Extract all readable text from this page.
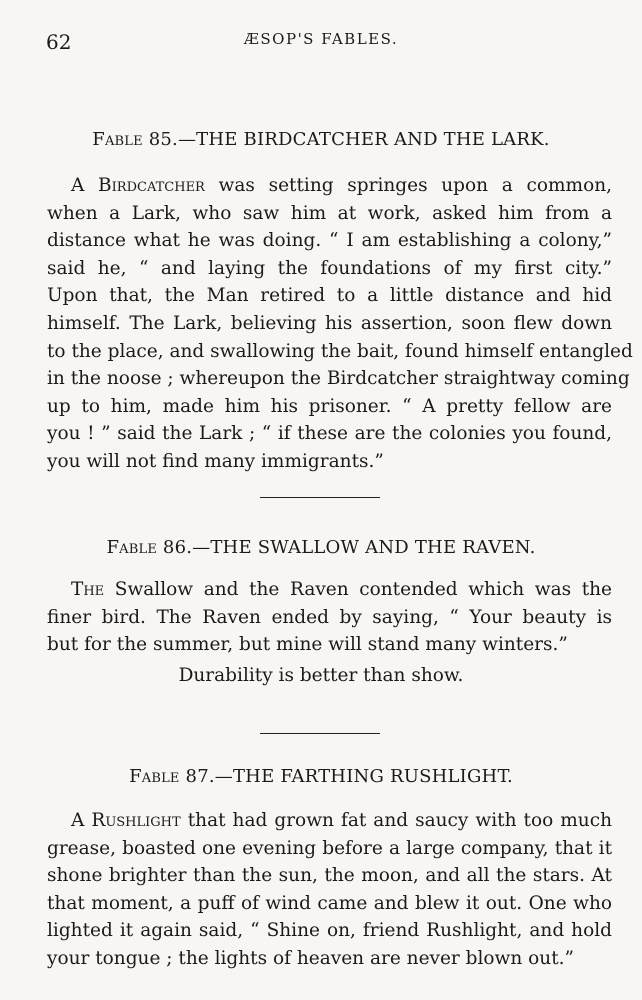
62	ÆSOP'S FABLES.
Fable 85.—THE BIRDCATCHER AND THE LARK.
A Birdcatcher was setting springes upon a common,
when a Lark, who saw him at work, asked him from a
distance what he was doing. “ I am establishing a colony,”
said he, “ and laying the foundations of my first city.”
Upon that, the Man retired to a little distance and hid
himself. The Lark, believing his assertion, soon flew down
to the place, and swallowing the bait, found himself entangled
in the noose ; whereupon the Birdcatcher straightway coming
up to him, made him his prisoner. “ A pretty fellow are
you ! ” said the Lark ; “ if these are the colonies you found,
you will not find many immigrants.”
Fable 86.—THE SWALLOW AND THE RAVEN.
The Swallow and the Raven contended which was the
finer bird. The Raven ended by saying, “ Your beauty is
but for the summer, but mine will stand many winters.”
Durability is better than show.
Fable 87.—THE FARTHING RUSHLIGHT.
A Rushlight that had grown fat and saucy with too much
grease, boasted one evening before a large company, that it
shone brighter than the sun, the moon, and all the stars. At
that moment, a puff of wind came and blew it out. One who
lighted it again said, “ Shine on, friend Rushlight, and hold
your tongue ; the lights of heaven are never blown out.”
